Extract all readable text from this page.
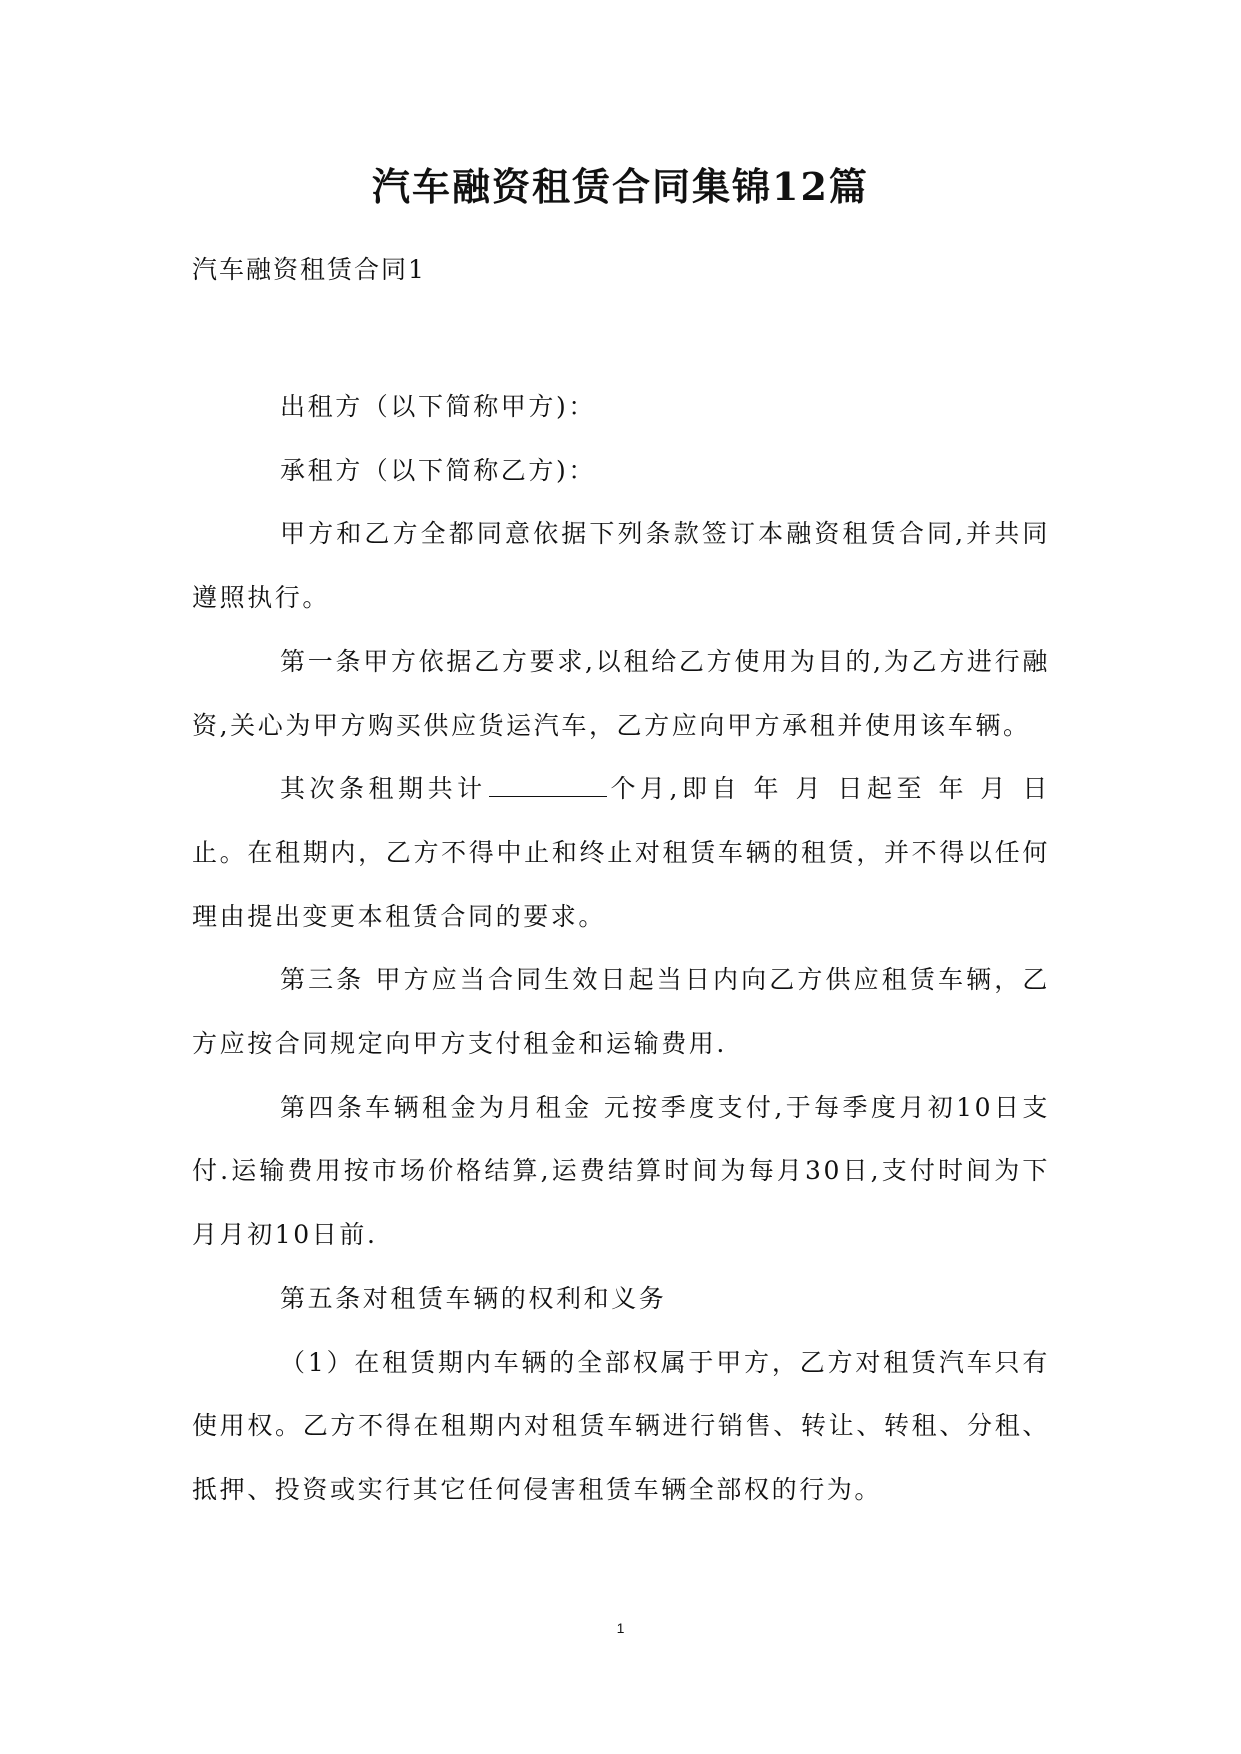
汽车融资租赁合同集锦12篇
汽车融资租赁合同1

出租方（以下简称甲方)：

承租方（以下简称乙方)：

甲方和乙方全都同意依据下列条款签订本融资租赁合同,并共同遵照执行。

第一条甲方依据乙方要求,以租给乙方使用为目的,为乙方进行融资,关心为甲方购买供应货运汽车，乙方应向甲方承租并使用该车辆。

其次条租期共计	个月,即自 年 月 日起至 年 月 日止。在租期内，乙方不得中止和终止对租赁车辆的租赁，并不得以任何理由提出变更本租赁合同的要求。

第三条 甲方应当合同生效日起当日内向乙方供应租赁车辆，乙方应按合同规定向甲方支付租金和运输费用.

第四条车辆租金为月租金 元按季度支付,于每季度月初10日支付.运输费用按市场价格结算,运费结算时间为每月30日,支付时间为下月月初10日前.

第五条对租赁车辆的权利和义务

（1）在租赁期内车辆的全部权属于甲方，乙方对租赁汽车只有使用权。乙方不得在租期内对租赁车辆进行销售、转让、转租、分租、抵押、投资或实行其它任何侵害租赁车辆全部权的行为。

1
